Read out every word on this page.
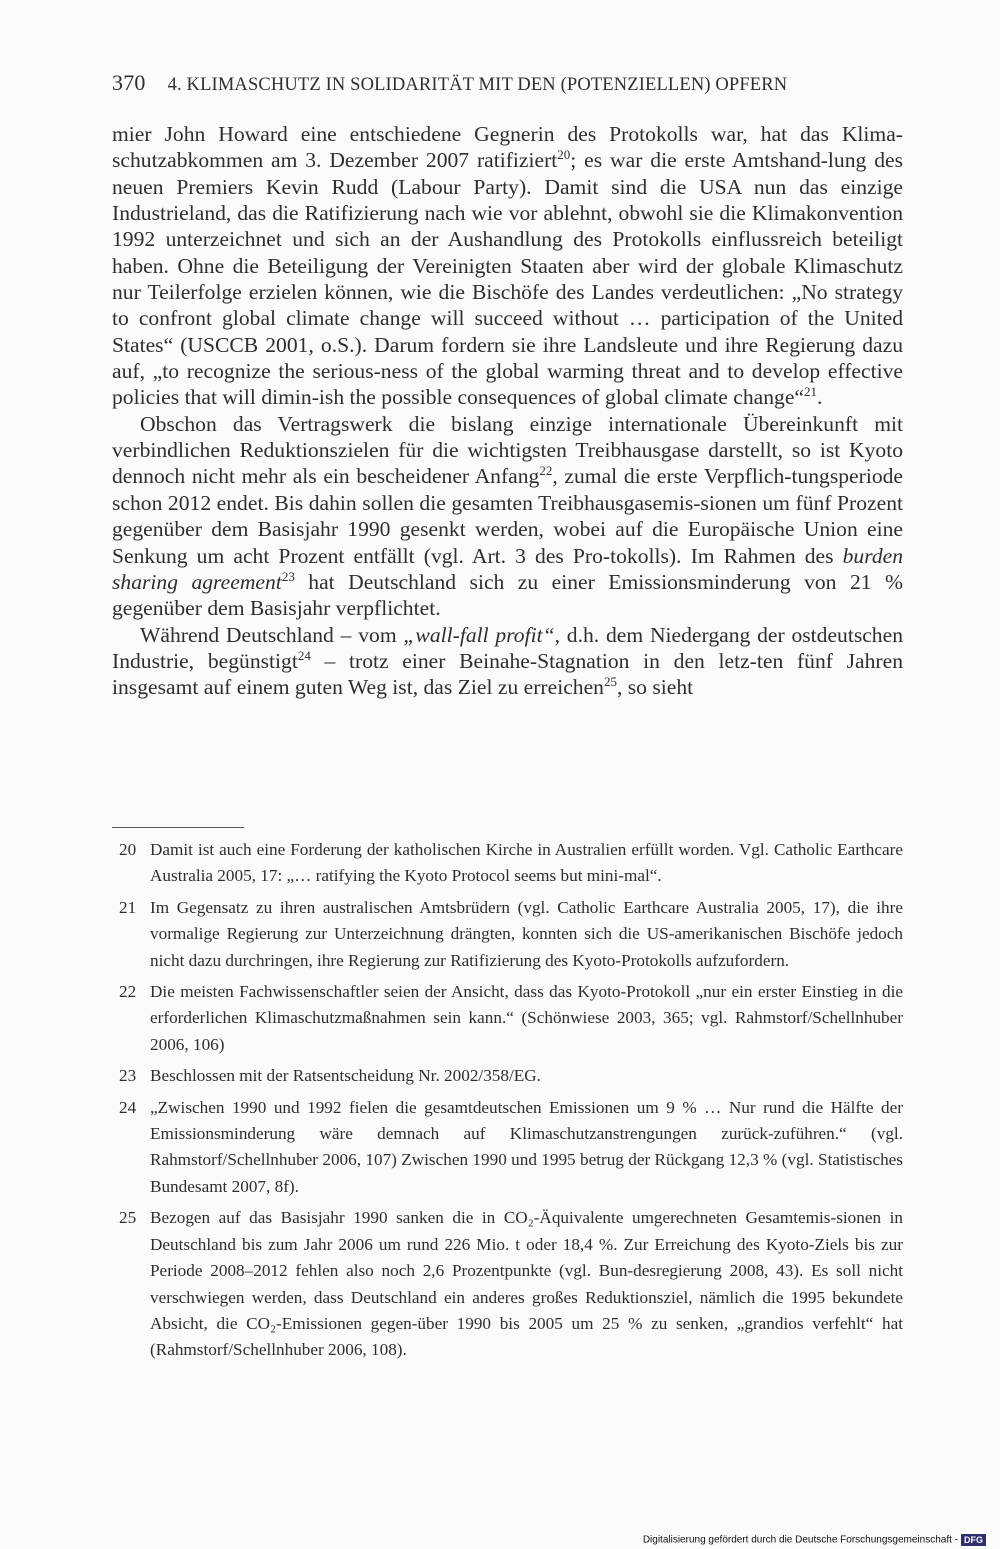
370 4. KLIMASCHUTZ IN SOLIDARITÄT MIT DEN (POTENZIELLEN) OPFERN

mier John Howard eine entschiedene Gegnerin des Protokolls war, hat das Klima-schutzabkommen am 3. Dezember 2007 ratifiziert$^{20}$; es war die erste Amtshand-lung des neuen Premiers Kevin Rudd (Labour Party). Damit sind die USA nun das einzige Industrieland, das die Ratifizierung nach wie vor ablehnt, obwohl sie die Klimakonvention 1992 unterzeichnet und sich an der Aushandlung des Protokolls einflussreich beteiligt haben. Ohne die Beteiligung der Vereinigten Staaten aber wird der globale Klimaschutz nur Teilerfolge erzielen können, wie die Bischöfe des Landes verdeutlichen: „No strategy to confront global climate change will succeed without … participation of the United States“ (USCCB 2001, o.S.). Darum fordern sie ihre Landsleute und ihre Regierung dazu auf, „to recognize the serious-ness of the global warming threat and to develop effective policies that will dimin-ish the possible consequences of global climate change“$^{21}$.

Obschon das Vertragswerk die bislang einzige internationale Übereinkunft mit verbindlichen Reduktionszielen für die wichtigsten Treibhausgase darstellt, so ist Kyoto dennoch nicht mehr als ein bescheidener Anfang$^{22}$, zumal die erste Verpflich-tungsperiode schon 2012 endet. Bis dahin sollen die gesamten Treibhausgasemis-sionen um fünf Prozent gegenüber dem Basisjahr 1990 gesenkt werden, wobei auf die Europäische Union eine Senkung um acht Prozent entfällt (vgl. Art. 3 des Pro-tokolls). Im Rahmen des burden sharing agreement$^{23}$ hat Deutschland sich zu einer Emissionsminderung von 21 % gegenüber dem Basisjahr verpflichtet.

Während Deutschland – vom „wall-fall profit“, d.h. dem Niedergang der ostdeutschen Industrie, begünstigt$^{24}$ – trotz einer Beinahe-Stagnation in den letz-ten fünf Jahren insgesamt auf einem guten Weg ist, das Ziel zu erreichen$^{25}$, so sieht

20 Damit ist auch eine Forderung der katholischen Kirche in Australien erfüllt worden. Vgl. Catholic Earthcare Australia 2005, 17: „… ratifying the Kyoto Protocol seems but mini-mal“.
21 Im Gegensatz zu ihren australischen Amtsbrüdern (vgl. Catholic Earthcare Australia 2005, 17), die ihre vormalige Regierung zur Unterzeichnung drängten, konnten sich die US-amerikanischen Bischöfe jedoch nicht dazu durchringen, ihre Regierung zur Ratifizierung des Kyoto-Protokolls aufzufordern.
22 Die meisten Fachwissenschaftler seien der Ansicht, dass das Kyoto-Protokoll „nur ein erster Einstieg in die erforderlichen Klimaschutzmaßnahmen sein kann.“ (Schönwiese 2003, 365; vgl. Rahmstorf/Schellnhuber 2006, 106)
23 Beschlossen mit der Ratsentscheidung Nr. 2002/358/EG.
24 „Zwischen 1990 und 1992 fielen die gesamtdeutschen Emissionen um 9 % … Nur rund die Hälfte der Emissionsminderung wäre demnach auf Klimaschutzanstrengungen zurück-zuführen.“ (vgl. Rahmstorf/Schellnhuber 2006, 107) Zwischen 1990 und 1995 betrug der Rückgang 12,3 % (vgl. Statistisches Bundesamt 2007, 8f).
25 Bezogen auf das Basisjahr 1990 sanken die in CO₂-Äquivalente umgerechneten Gesamtemis-sionen in Deutschland bis zum Jahr 2006 um rund 226 Mio. t oder 18,4 %. Zur Erreichung des Kyoto-Ziels bis zur Periode 2008–2012 fehlen also noch 2,6 Prozentpunkte (vgl. Bun-desregierung 2008, 43). Es soll nicht verschwiegen werden, dass Deutschland ein anderes großes Reduktionsziel, nämlich die 1995 bekundete Absicht, die CO₂-Emissionen gegen-über 1990 bis 2005 um 25 % zu senken, „grandios verfehlt“ hat (Rahmstorf/Schellnhuber 2006, 108).
Digitalisierung gefördert durch die Deutsche Forschungsgemeinschaft - DFG
